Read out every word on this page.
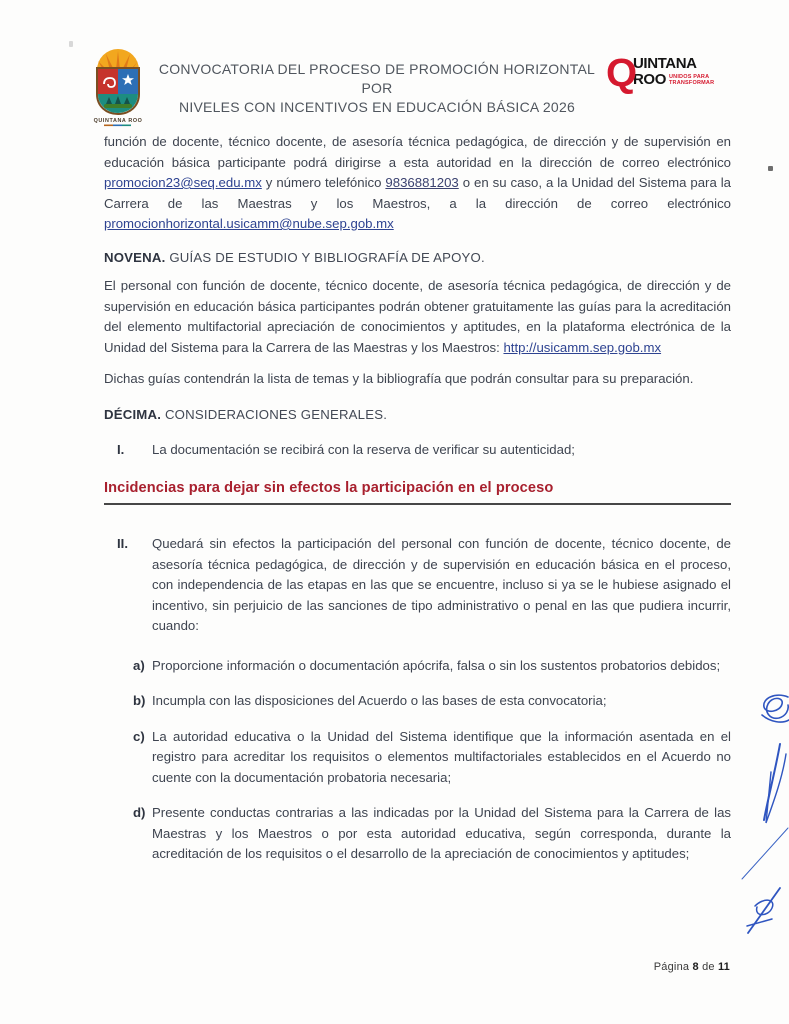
QUINTANA ROO
CONVOCATORIA DEL PROCESO DE PROMOCIÓN HORIZONTAL POR
NIVELES CON INCENTIVOS EN EDUCACIÓN BÁSICA 2026
Q
UINTANA
ROO UNIDOS PARA
TRANSFORMAR

función de docente, técnico docente, de asesoría técnica pedagógica, de dirección y de supervisión en educación básica participante podrá dirigirse a esta autoridad en la dirección de correo electrónico promocion23@seq.edu.mx y número telefónico 9836881203 o en su caso, a la Unidad del Sistema para la Carrera de las Maestras y los Maestros, a la dirección de correo electrónico promocionhorizontal.usicamm@nube.sep.gob.mx

NOVENA. GUÍAS DE ESTUDIO Y BIBLIOGRAFÍA DE APOYO.

El personal con función de docente, técnico docente, de asesoría técnica pedagógica, de dirección y de supervisión en educación básica participantes podrán obtener gratuitamente las guías para la acreditación del elemento multifactorial apreciación de conocimientos y aptitudes, en la plataforma electrónica de la Unidad del Sistema para la Carrera de las Maestras y los Maestros: http://usicamm.sep.gob.mx

Dichas guías contendrán la lista de temas y la bibliografía que podrán consultar para su preparación.

DÉCIMA. CONSIDERACIONES GENERALES.

I.	La documentación se recibirá con la reserva de verificar su autenticidad;
Incidencias para dejar sin efectos la participación en el proceso
II.	Quedará sin efectos la participación del personal con función de docente, técnico docente, de asesoría técnica pedagógica, de dirección y de supervisión en educación básica en el proceso, con independencia de las etapas en las que se encuentre, incluso si ya se le hubiese asignado el incentivo, sin perjuicio de las sanciones de tipo administrativo o penal en las que pudiera incurrir, cuando:
a) Proporcione información o documentación apócrifa, falsa o sin los sustentos probatorios debidos;
b) Incumpla con las disposiciones del Acuerdo o las bases de esta convocatoria;
c) La autoridad educativa o la Unidad del Sistema identifique que la información asentada en el registro para acreditar los requisitos o elementos multifactoriales establecidos en el Acuerdo no cuente con la documentación probatoria necesaria;
d) Presente conductas contrarias a las indicadas por la Unidad del Sistema para la Carrera de las Maestras y los Maestros o por esta autoridad educativa, según corresponda, durante la acreditación de los requisitos o el desarrollo de la apreciación de conocimientos y aptitudes;
Página 8 de 11
